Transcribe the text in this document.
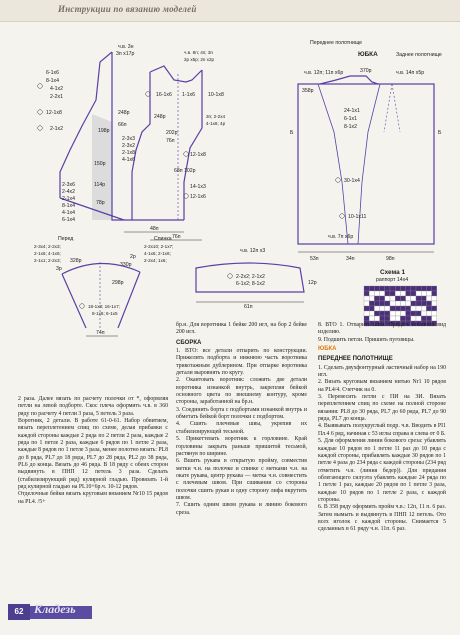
Инструкции по вязанию моделей
6-1x6
8-1x4
4-1x2
2-2x1
12-1x8
2-1x2
ч.в. 3н
3п x17р
16-1x6 1-1x6
248р
66п
198р
150р
114р
78р
ч.в. 8п; 4п; 3п
2р x5р; 2п x2р
10-1x8
3п; 2-2x4
4-1x6; 4р
248р
202р
76п
12-1x8
68п 102р
14-1x3
12-1x6
48п
76п
2-3x6
2-4x2
2-1x4
8-1x4
4-1x4
6-1x4
2-3x3
2-3x2
2-1x8
4-1x6
ЮБКА
Переднее полотнище
Заднее полотнище
ч.в. 12п; 11п x6р	370р	ч.в. 14п x5р
358р
24-1x1
6-1x1
8-1x2
30-1x4
10-1x11
ч.в. 7п x6р
53п	34п	98п
Б	Б
Перед
2-3x4; 2-2x3;
2-1x6; 4-1x6;
2-1x1; 2-2x3;
3р
328р
Спинка
2-2x10; 2-1x7;
4-1x6; 2-1x6;
2-2x4; 1x6;
2р
330р
298р
18-1x8; 16-1x7;
8-1x6; 6-1x5
74п
ч.в. 12п x3
2-2x2; 2-1x2
6-1x2; 8-1x2
61п
12р
Схема 1
раппорт 14х4

2 раза. Далее вязать по расчету полочки от *, оформляя петли на левой подборте. Скос плеча оформить ч.в. в 360 ряду по расчету 4 петли 3 раза, 5 петель 3 раза.

Воротник, 2 детали. В работе 61-0-61. Набор обвитием, вязать переплетением спиц по схеме, делая прибавки с каждой стороны каждые 2 ряда по 2 петли 2 раза, каждые 2 ряда по 1 петле 2 раза, каждые 6 рядов по 1 петле 2 раза, каждые 8 рядов по 1 петле 3 раза, менее полотно вязать: PL8 до 8 ряда, PL7 до 18 ряда, PL7 до 28 ряда, PL2 до 38 ряда, PL6 до конца. Вязать до 46 ряда. В 18 ряду с обеих сторон выдвинуть в ПНП 12 петель 3 раза. Сделать (стабилизирующий ряд) кулирной гладью. Провязать 1-й ряд кулирной гладью на PL10+6р.ч. 10-12 рядов.

Отделочные бейки вязать круговым вязанием Nr10 15 рядов на PL4. /5+

бр.н. Для воротника 1 бейке 200 игл, на бор 2 бейке 200 игл.

СБОРКА

1. ВТО: все детали отпарить по конструкции. Прижелить подборта и нижнюю часть воротника трикотажным дублерином. При отпарке воротника детали выровнять по кругу.

2. Окантовать воротник: сложить две детали воротника изнанкой внутрь, закрепляя бейкой основного цвета по внешнему контуру, кроме стороны, заработанной на бр.н.

3. Соединить борта с подбортами изнанкой внутрь и обметать бейкой борт полочки с подбортом.

4. Сшить плечевые швы, укрепив их стабилизирующей тесьмой.

5. Прикеттевать воротник к горловине. Край горловины закрыть раньше пришитой тесьмой, растянув по ширине.

6. Вшить рукава в открытую пройму, совместив метки ч.н. на полочке и спинке с метками ч.н. на окате рукава, центр рукава — метка ч.н. совместить с плечевым швом. При сшивании со стороны полочки сшить рукав и одну сторону лифа вкрутить швом.

7. Сшить одним швом рукава и линию бокового среза.

8. ВТО 1. Отпарить швы. Придать внешний вид изделию.

9. Подшить петли. Пришить пуговицы.

ЮБКА

ПЕРЕДНЕЕ ПОЛОТНИЩЕ

1. Сделать двухфонтурный ластичный набор на 190 игл.

2. Вязать круговым вязанием нитью Nr1 10 рядов на PL4/4. Счетчик на 0.

3. Перевесить петли с ПИ на ЗИ. Вязать переплетением спиц по схеме на полной стороне вязания: PL8 до 30 ряда, PL7 до 60 ряда, PL7 до 90 ряда, PL7 до конца.

4. Выявывать полукруглый подр. ч.в. Вводить в PI1 Пл.4 6 ряд, начиная с 53 иглы справа и слева от 0 Б.

5. Для оформления линии бокового среза: убавлять каждые 10 рядов по 1 петле 11 раз до 10 ряда с каждой стороны, прибавлять каждые 30 рядов по 1 петле 4 раза до 234 ряда с каждой стороны (234 ряд отметить ч.н. (линия бедер)). Для придания облегающего силуэта убавлять каждые 24 ряда по 1 петле 1 раз, каждые 20 рядов по 1 петле 3 раза, каждые 10 рядов по 1 петле 2 раза, с каждой стороны.

6. В 358 ряду оформить пройм ч.в.: 12п, 11 п. 6 раз. Затем вымыть и выдвинуть в ПНП 12 петель. Ото всех иголок с каждой стороны. Снимается 5 сделанных в 61 ряду ч.н. 11п. 6 раз.

62 Кладезь
